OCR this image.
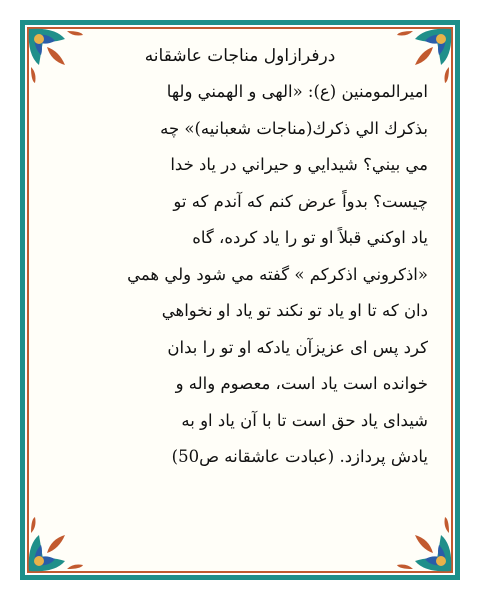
درفرازاول مناجات عاشقانه
امیرالمومنین (ع): «الهی و الهمني ولها
بذكرك الي ذكرك(مناجات شعبانیه)» چه
مي بيني؟ شيدايي و حيراني در ياد خدا
چيست؟ بدواً عرض كنم كه آندم كه تو
ياد اوكني قبلاً او تو را ياد كرده، گاه
«اذكروني اذكركم » گفته مي شود ولي همي
دان كه تا او ياد تو نكند تو ياد او نخواهي
كرد پس ای عزيزآن يادكه او تو را بدان
خوانده است ياد است، معصوم واله و
شیدای ياد حق است تا با آن ياد او به
يادش پردازد. (عبادت عاشقانه ص50)
